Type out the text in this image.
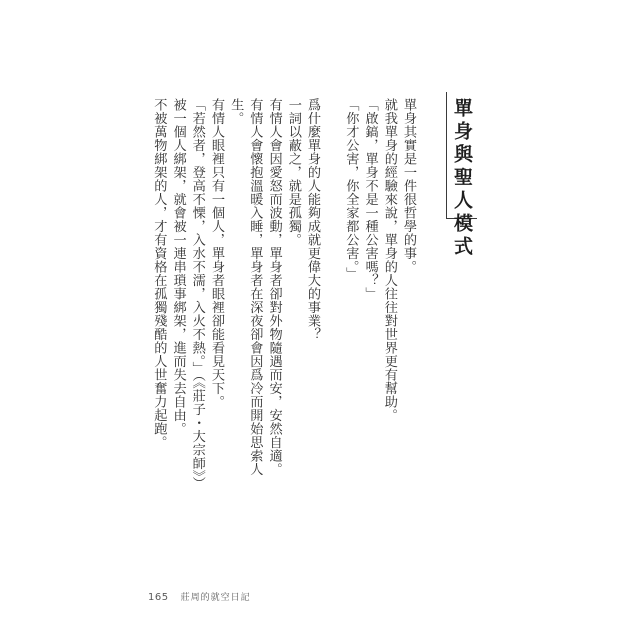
單身與聖人模式

單身其實是一件很哲學的事。

就我單身的經驗來說，單身的人往往對世界更有幫助。

「啟鎬，單身不是一種公害嗎？」

「你才公害，你全家都公害。」

爲什麼單身的人能夠成就更偉大的事業？

一詞以蔽之，就是孤獨。

有情人會因愛怒而波動，單身者卻對外物隨遇而安，安然自適。

有情人會懷抱溫暖入睡，單身者在深夜卻會因爲冷而開始思索人生。

有情人眼裡只有一個人，單身者眼裡卻能看見天下。

「若然者，登高不慄，入水不濡，入火不熱。」（《莊子・大宗師》）

被一個人綁架，就會被一連串瑣事綁架，進而失去自由。

不被萬物綁架的人，才有資格在孤獨殘酷的人世奮力起跑。

165 莊周的就空日記
